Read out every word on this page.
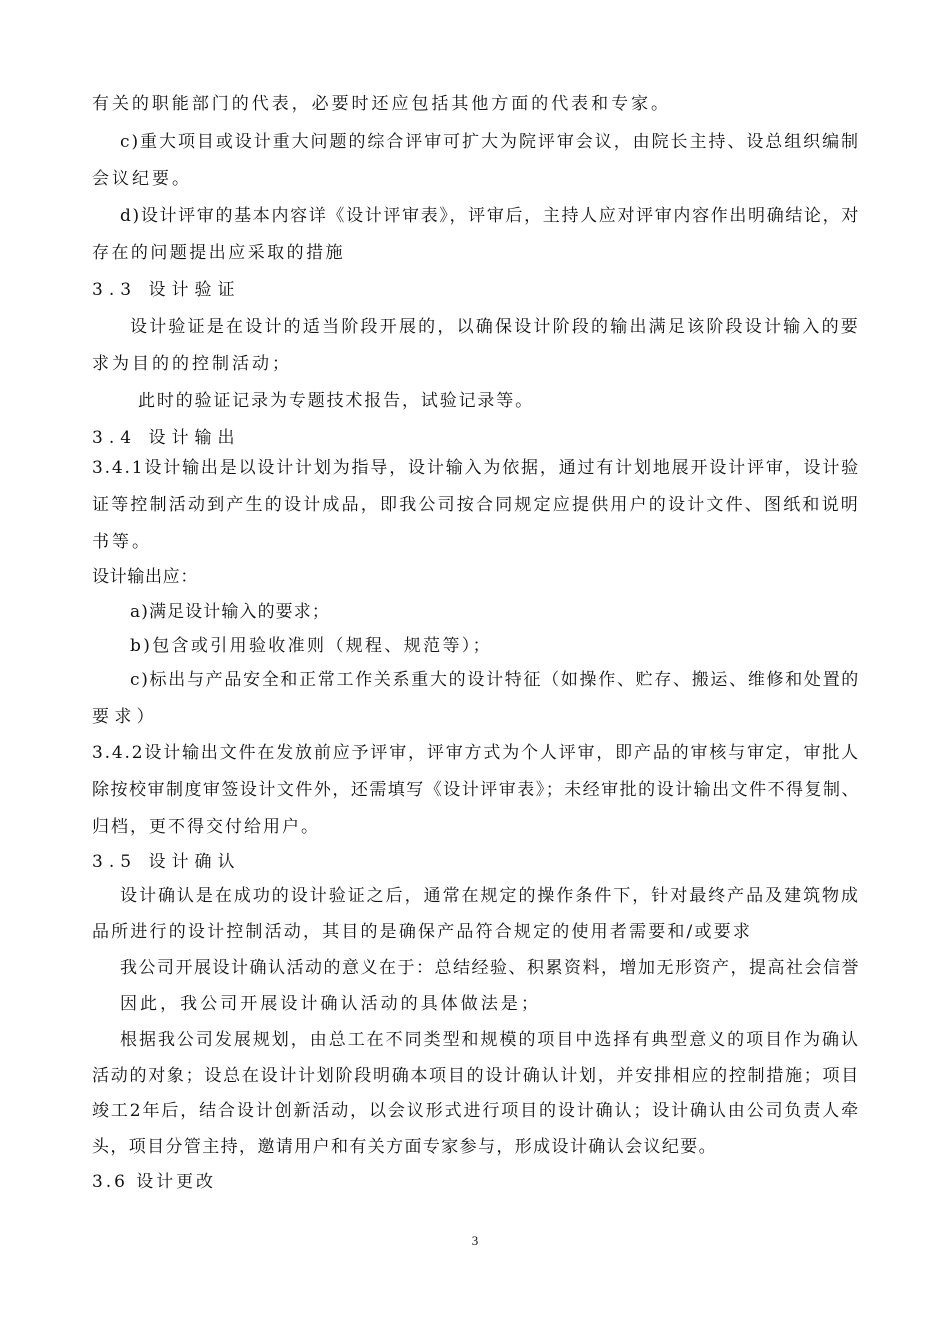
有关的职能部门的代表，必要时还应包括其他方面的代表和专家。
c)重大项目或设计重大问题的综合评审可扩大为院评审会议，由院长主持、设总组织编制
会议纪要。
d)设计评审的基本内容详《设计评审表》，评审后，主持人应对评审内容作出明确结论，对
存在的问题提出应采取的措施
3.3 设计验证
设计验证是在设计的适当阶段开展的，以确保设计阶段的输出满足该阶段设计输入的要
求为目的的控制活动；
此时的验证记录为专题技术报告，试验记录等。
3.4 设计输出
3.4.1设计输出是以设计计划为指导，设计输入为依据，通过有计划地展开设计评审，设计验
证等控制活动到产生的设计成品，即我公司按合同规定应提供用户的设计文件、图纸和说明
书等。
设计输出应：
a)满足设计输入的要求；
b)包含或引用验收准则（规程、规范等）；
c)标出与产品安全和正常工作关系重大的设计特征（如操作、贮存、搬运、维修和处置的
要求）
3.4.2设计输出文件在发放前应予评审，评审方式为个人评审，即产品的审核与审定，审批人
除按校审制度审签设计文件外，还需填写《设计评审表》；未经审批的设计输出文件不得复制、
归档，更不得交付给用户。
3.5 设计确认
设计确认是在成功的设计验证之后，通常在规定的操作条件下，针对最终产品及建筑物成
品所进行的设计控制活动，其目的是确保产品符合规定的使用者需要和/或要求
我公司开展设计确认活动的意义在于：总结经验、积累资料，增加无形资产，提高社会信誉
因此，我公司开展设计确认活动的具体做法是；
根据我公司发展规划，由总工在不同类型和规模的项目中选择有典型意义的项目作为确认
活动的对象；设总在设计计划阶段明确本项目的设计确认计划，并安排相应的控制措施；项目
竣工2年后，结合设计创新活动，以会议形式进行项目的设计确认；设计确认由公司负责人牵
头，项目分管主持，邀请用户和有关方面专家参与，形成设计确认会议纪要。
3.6 设计更改
3
